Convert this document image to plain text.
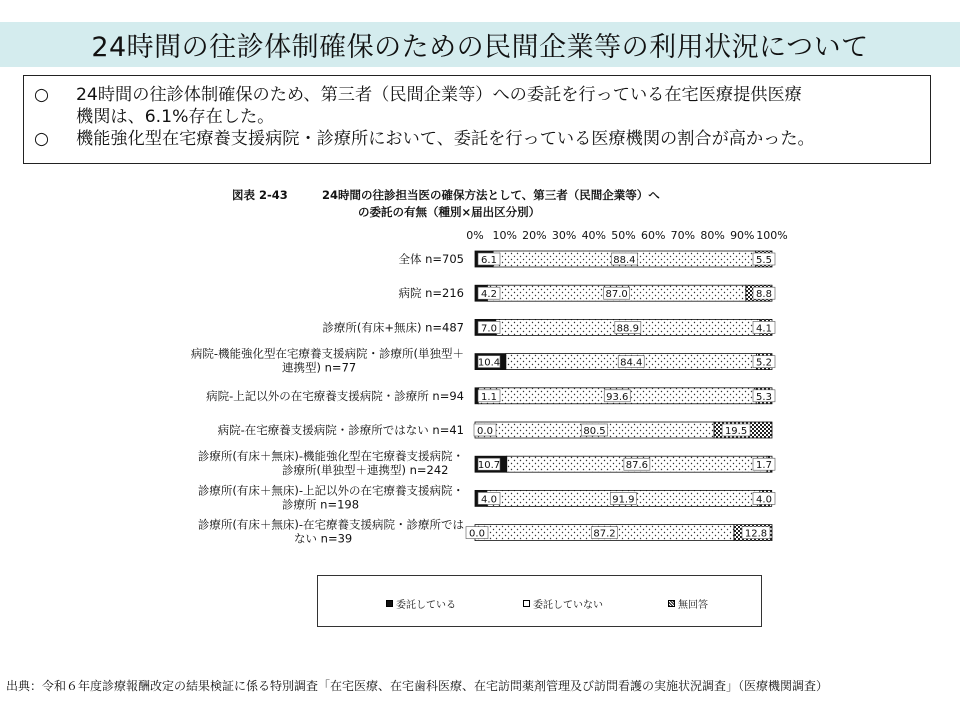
24時間の往診体制確保のための民間企業等の利用状況について
○	24時間の往診体制確保のため、第三者（民間企業等）への委託を行っている在宅医療提供医療
機関は、6.1%存在した。
○	機能強化型在宅療養支援病院・診療所において、委託を行っている医療機関の割合が高かった。
図表 2-43	24時間の往診担当医の確保方法として、第三者（民間企業等）へ
の委託の有無（種別×届出区分別）
0% 10% 20% 30% 40% 50% 60% 70% 80% 90% 100%
全体 n=705 6.1	88.4	5.5
病院 n=216 4.2	87.0	8.8
診療所(有床+無床) n=487 7.0	88.9	4.1
病院-機能強化型在宅療養支援病院・診療所(単独型＋
連携型) n=77	10.4	84.4	5.2
病院-上記以外の在宅療養支援病院・診療所 n=94 1.1	93.6	5.3
病院-在宅療養支援病院・診療所ではない n=41 0.0	80.5	19.5
診療所(有床＋無床)-機能強化型在宅療養支援病院・
診療所(単独型＋連携型) n=242	10.7	87.6	1.7
診療所(有床＋無床)-上記以外の在宅療養支援病院・
診療所 n=198	4.0	91.9	4.0
診療所(有床＋無床)-在宅療養支援病院・診療所では
ない n=39	0.0	87.2	12.8
委託している	委託していない	無回答
出典：令和６年度診療報酬改定の結果検証に係る特別調査「在宅医療、在宅歯科医療、在宅訪問薬剤管理及び訪問看護の実施状況調査」（医療機関調査）
